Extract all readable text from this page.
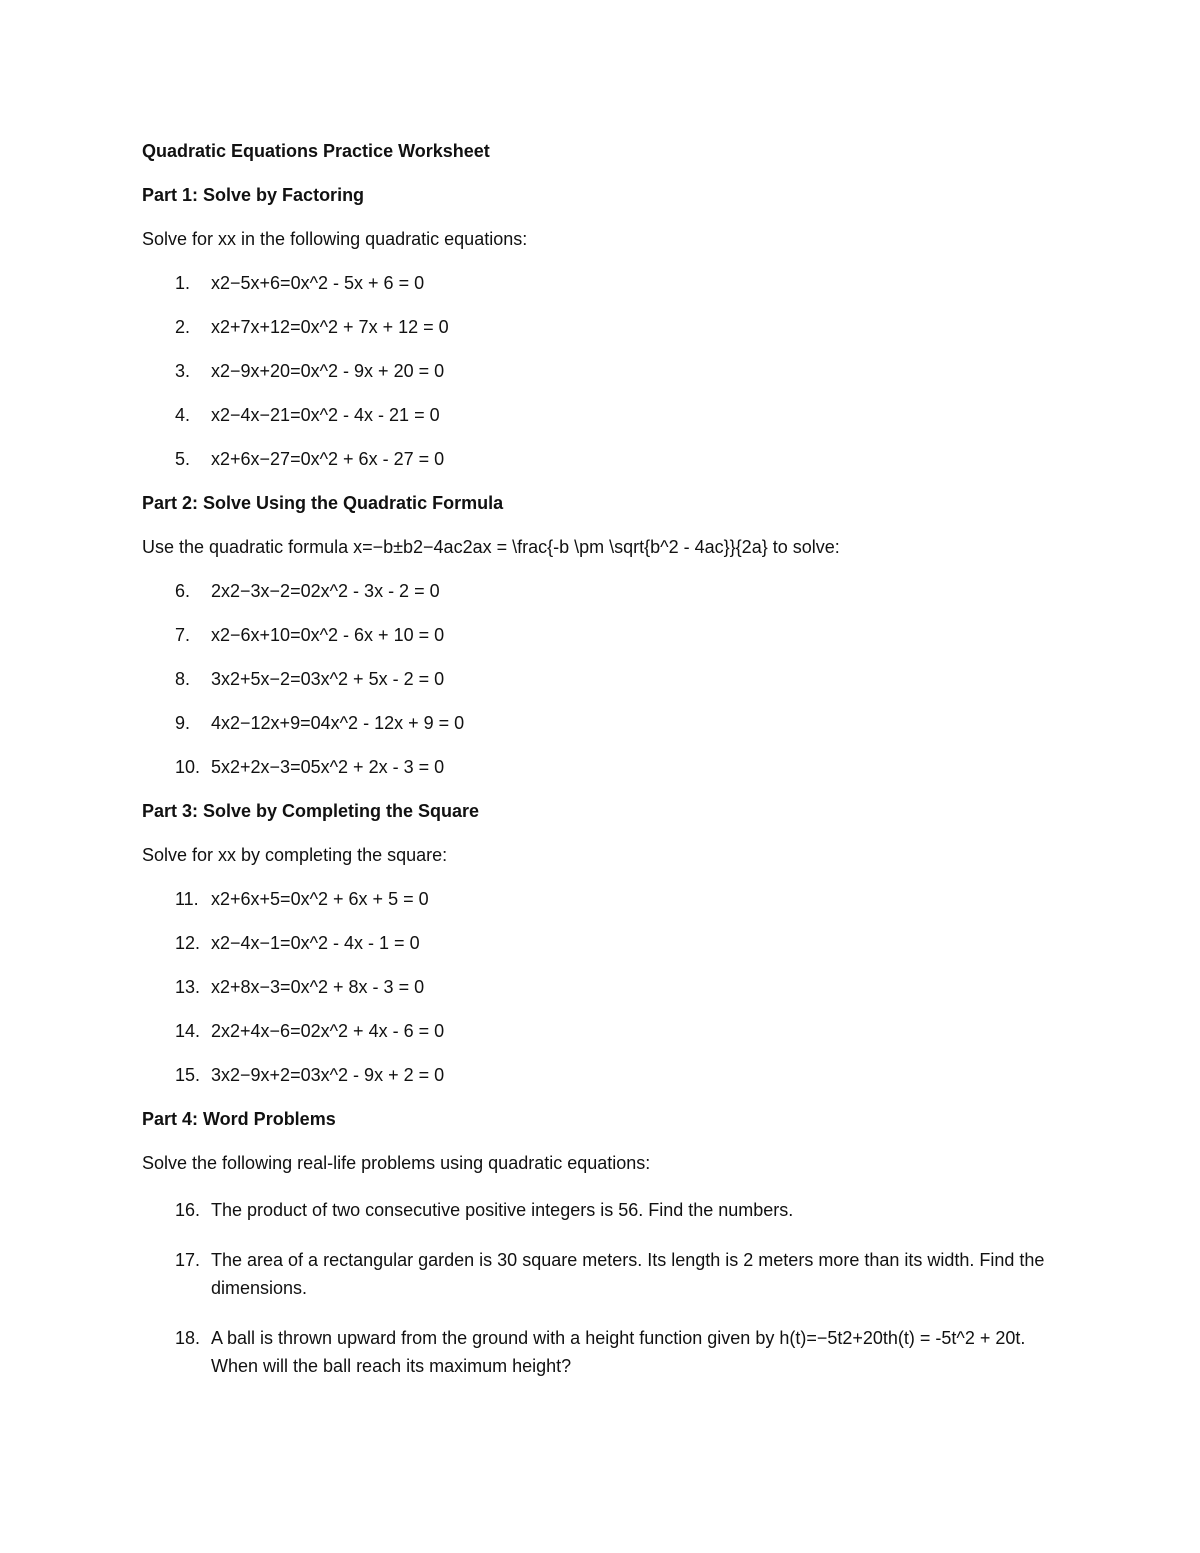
Quadratic Equations Practice Worksheet

Part 1: Solve by Factoring

Solve for xx in the following quadratic equations:

1. x2−5x+6=0x^2 - 5x + 6 = 0
2. x2+7x+12=0x^2 + 7x + 12 = 0
3. x2−9x+20=0x^2 - 9x + 20 = 0
4. x2−4x−21=0x^2 - 4x - 21 = 0
5. x2+6x−27=0x^2 + 6x - 27 = 0

Part 2: Solve Using the Quadratic Formula

Use the quadratic formula x=−b±b2−4ac2ax = \frac{-b \pm \sqrt{b^2 - 4ac}}{2a} to solve:

6. 2x2−3x−2=02x^2 - 3x - 2 = 0
7. x2−6x+10=0x^2 - 6x + 10 = 0
8. 3x2+5x−2=03x^2 + 5x - 2 = 0
9. 4x2−12x+9=04x^2 - 12x + 9 = 0
10. 5x2+2x−3=05x^2 + 2x - 3 = 0

Part 3: Solve by Completing the Square

Solve for xx by completing the square:

11. x2+6x+5=0x^2 + 6x + 5 = 0
12. x2−4x−1=0x^2 - 4x - 1 = 0
13. x2+8x−3=0x^2 + 8x - 3 = 0
14. 2x2+4x−6=02x^2 + 4x - 6 = 0
15. 3x2−9x+2=03x^2 - 9x + 2 = 0

Part 4: Word Problems

Solve the following real-life problems using quadratic equations:

16. The product of two consecutive positive integers is 56. Find the numbers.
17. The area of a rectangular garden is 30 square meters. Its length is 2 meters more than its width. Find the dimensions.
18. A ball is thrown upward from the ground with a height function given by h(t)=−5t2+20th(t) = -5t^2 + 20t. When will the ball reach its maximum height?
